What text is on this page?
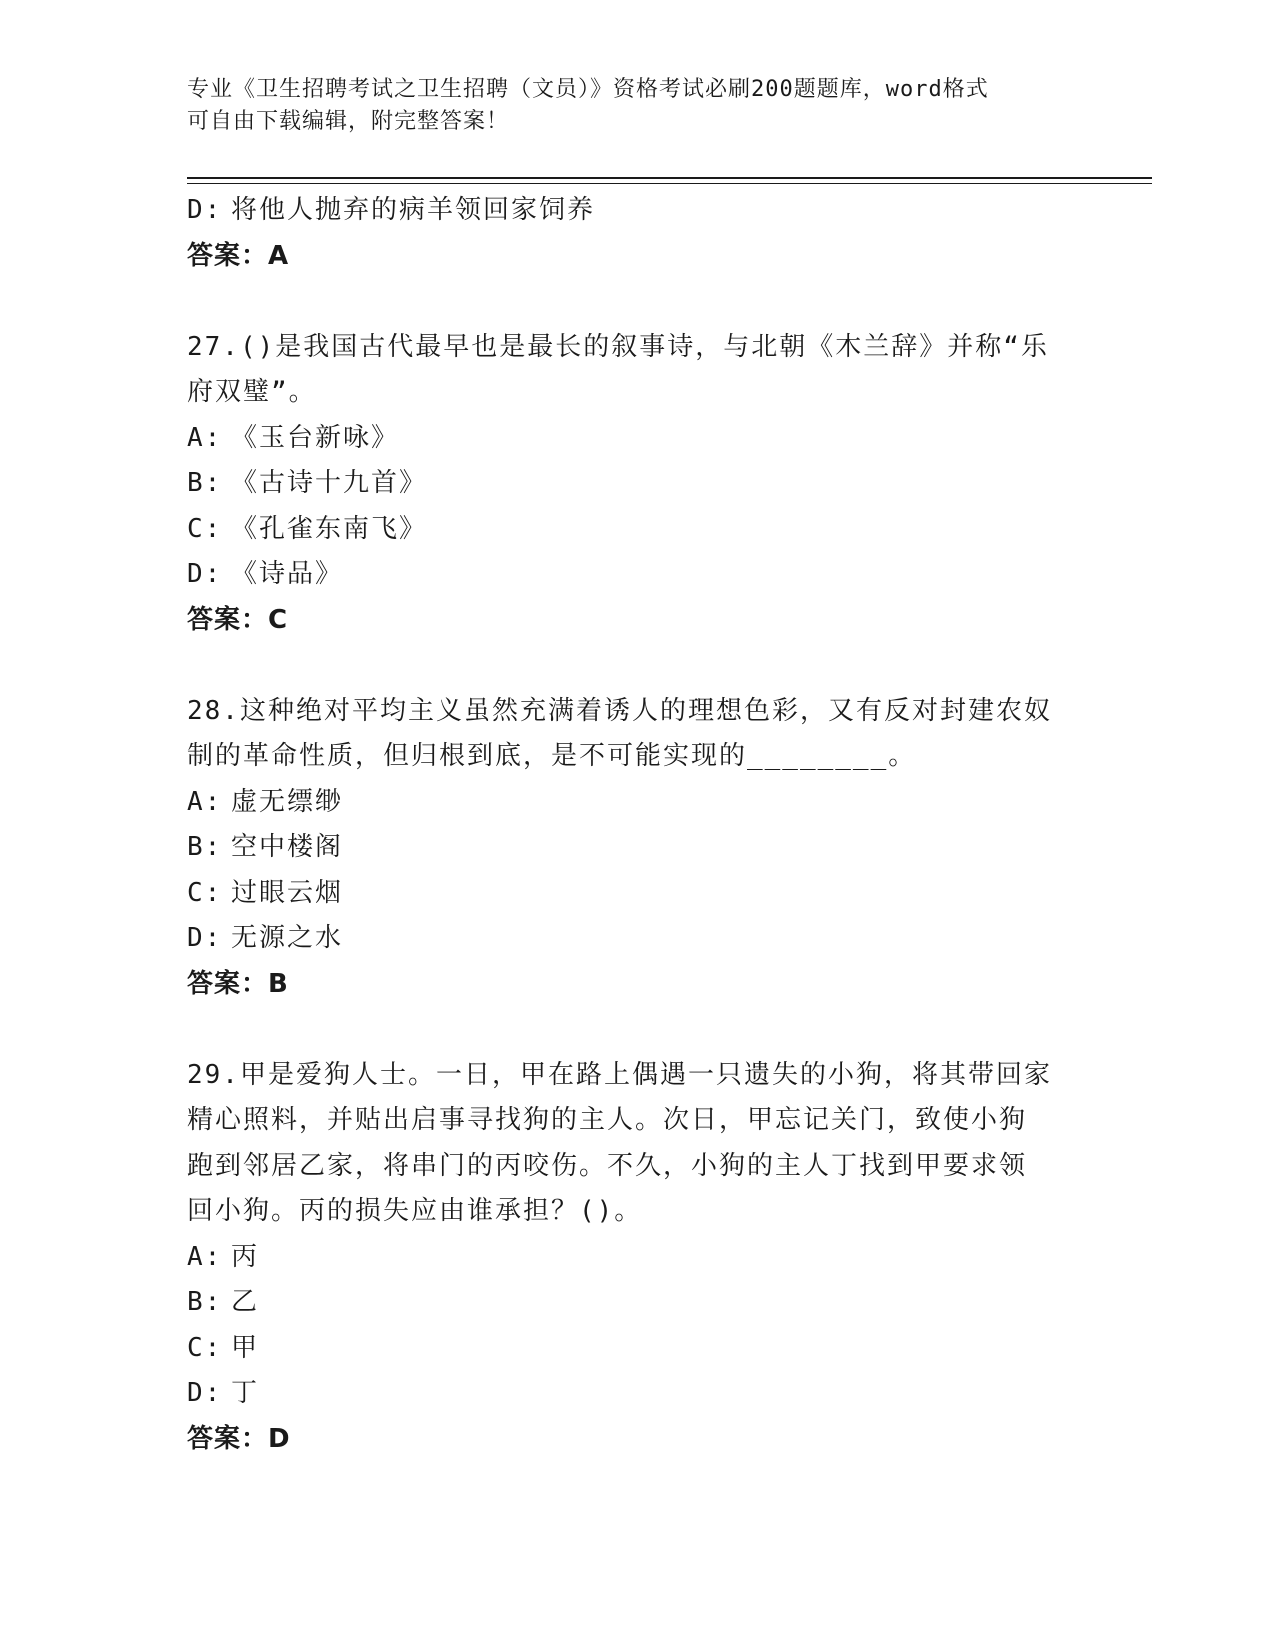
专业《卫生招聘考试之卫生招聘（文员）》资格考试必刷200题题库，word格式
可自由下载编辑，附完整答案！
D: 将他人抛弃的病羊领回家饲养
答案：A
27.()是我国古代最早也是最长的叙事诗，与北朝《木兰辞》并称“乐
府双璧”。
A: 《玉台新咏》
B: 《古诗十九首》
C: 《孔雀东南飞》
D: 《诗品》
答案：C
28.这种绝对平均主义虽然充满着诱人的理想色彩，又有反对封建农奴
制的革命性质，但归根到底，是不可能实现的________。
A: 虚无缥缈
B: 空中楼阁
C: 过眼云烟
D: 无源之水
答案：B
29.甲是爱狗人士。一日，甲在路上偶遇一只遗失的小狗，将其带回家
精心照料，并贴出启事寻找狗的主人。次日，甲忘记关门，致使小狗
跑到邻居乙家，将串门的丙咬伤。不久，小狗的主人丁找到甲要求领
回小狗。丙的损失应由谁承担？()。
A: 丙
B: 乙
C: 甲
D: 丁
答案：D
